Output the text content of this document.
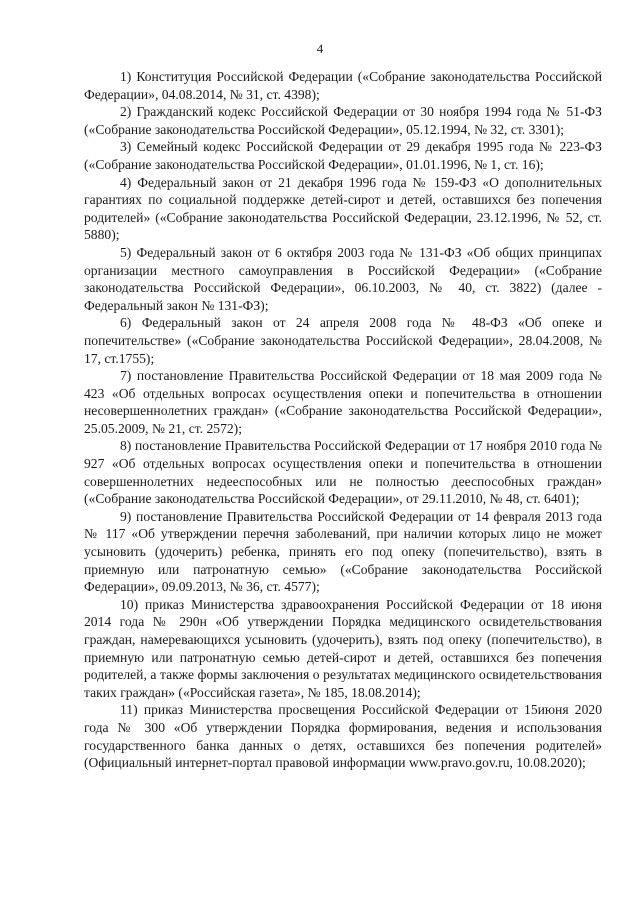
4

1) Конституция Российской Федерации («Собрание законодательства Российской Федерации», 04.08.2014, № 31, ст. 4398);

2) Гражданский кодекс Российской Федерации от 30 ноября 1994 года № 51-ФЗ («Собрание законодательства Российской Федерации», 05.12.1994, № 32, ст. 3301);

3) Семейный кодекс Российской Федерации от 29 декабря 1995 года № 223-ФЗ («Собрание законодательства Российской Федерации», 01.01.1996, № 1, ст. 16);

4) Федеральный закон от 21 декабря 1996 года № 159-ФЗ «О дополнительных гарантиях по социальной поддержке детей-сирот и детей, оставшихся без попечения родителей» («Собрание законодательства Российской Федерации, 23.12.1996, № 52, ст. 5880);

5) Федеральный закон от 6 октября 2003 года № 131-ФЗ «Об общих принципах организации местного самоуправления в Российской Федерации» («Собрание законодательства Российской Федерации», 06.10.2003, № 40, ст. 3822) (далее - Федеральный закон № 131-ФЗ);

6) Федеральный закон от 24 апреля 2008 года № 48-ФЗ «Об опеке и попечительстве» («Собрание законодательства Российской Федерации», 28.04.2008, № 17, ст.1755);

7) постановление Правительства Российской Федерации от 18 мая 2009 года № 423 «Об отдельных вопросах осуществления опеки и попечительства в отношении несовершеннолетних граждан» («Собрание законодательства Российской Федерации», 25.05.2009, № 21, ст. 2572);

8) постановление Правительства Российской Федерации от 17 ноября 2010 года № 927 «Об отдельных вопросах осуществления опеки и попечительства в отношении совершеннолетних недееспособных или не полностью дееспособных граждан» («Собрание законодательства Российской Федерации», от 29.11.2010, № 48, ст. 6401);

9) постановление Правительства Российской Федерации от 14 февраля 2013 года № 117 «Об утверждении перечня заболеваний, при наличии которых лицо не может усыновить (удочерить) ребенка, принять его под опеку (попечительство), взять в приемную или патронатную семью» («Собрание законодательства Российской Федерации», 09.09.2013, № 36, ст. 4577);

10) приказ Министерства здравоохранения Российской Федерации от 18 июня 2014 года № 290н «Об утверждении Порядка медицинского освидетельствования граждан, намеревающихся усыновить (удочерить), взять под опеку (попечительство), в приемную или патронатную семью детей-сирот и детей, оставшихся без попечения родителей, а также формы заключения о результатах медицинского освидетельствования таких граждан» («Российская газета», № 185, 18.08.2014);

11) приказ Министерства просвещения Российской Федерации от 15июня 2020 года № 300 «Об утверждении Порядка формирования, ведения и использования государственного банка данных о детях, оставшихся без попечения родителей» (Официальный интернет-портал правовой информации www.pravo.gov.ru, 10.08.2020);
